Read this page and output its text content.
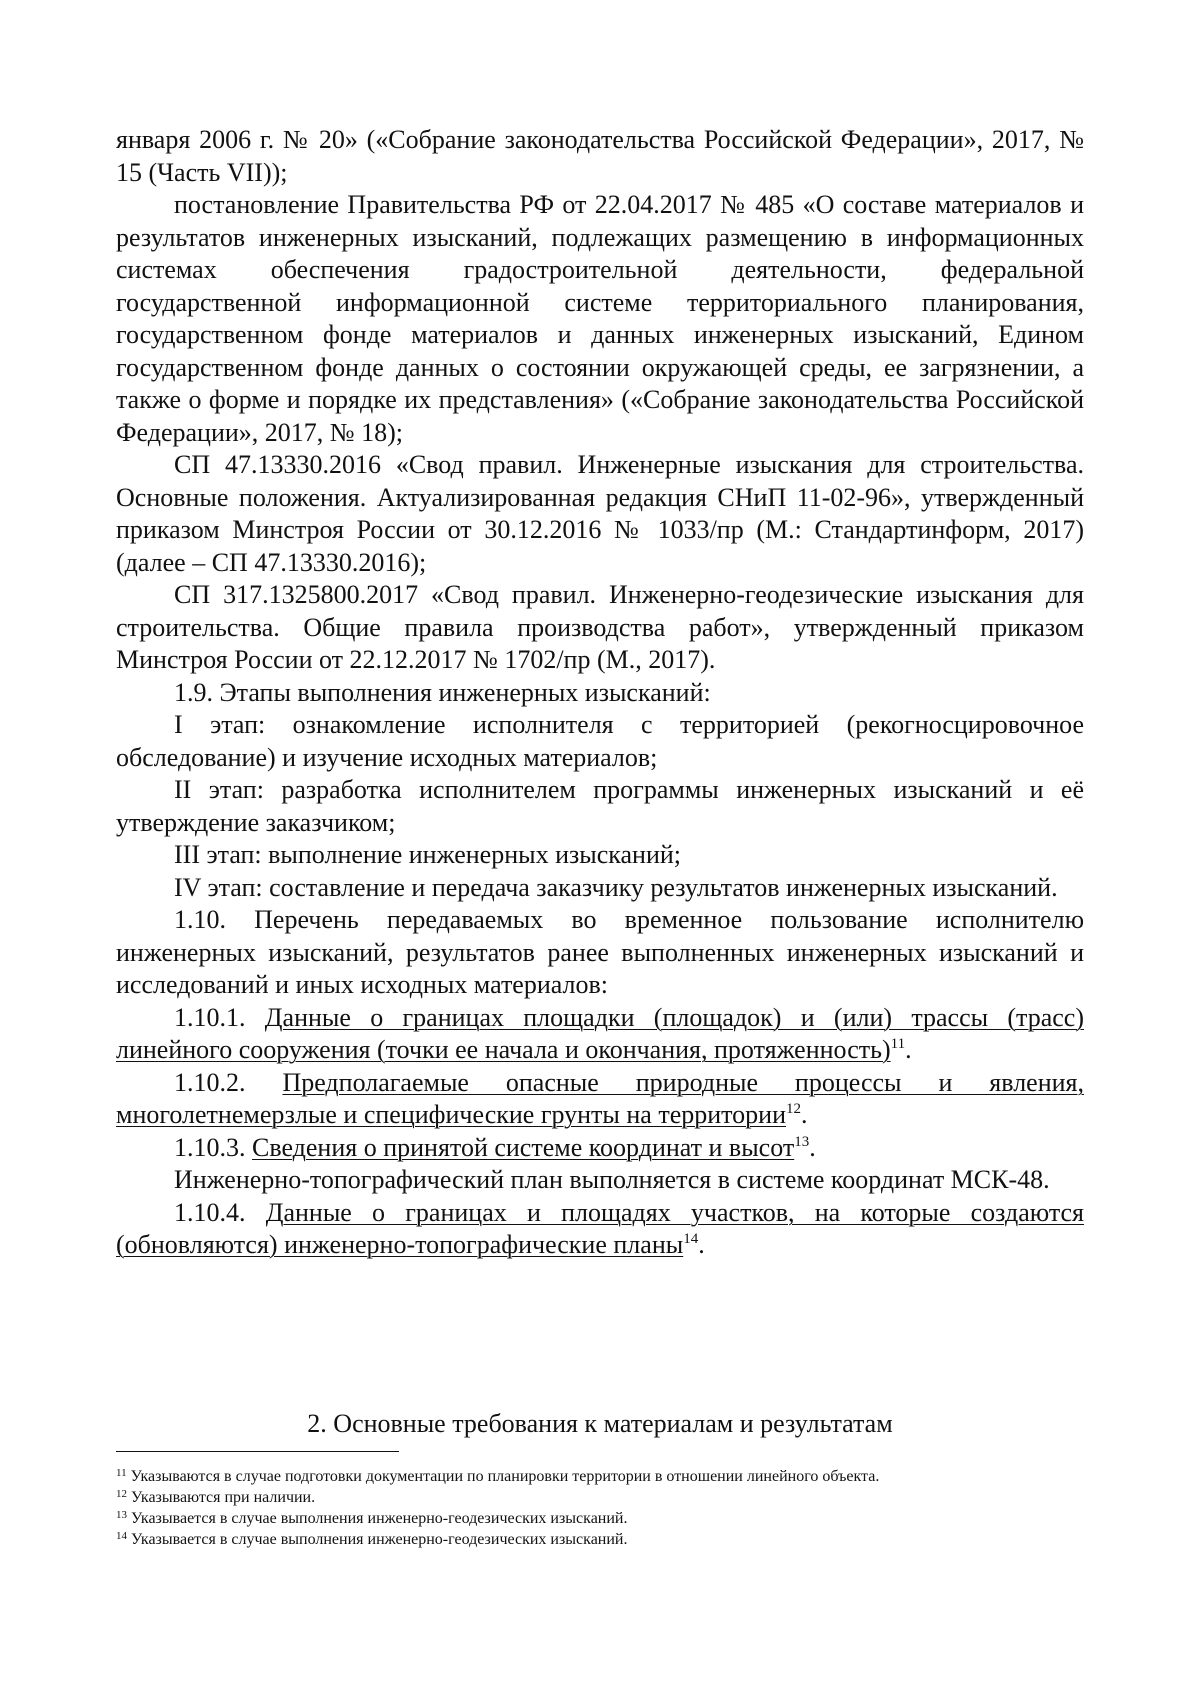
января 2006 г. № 20» («Собрание законодательства Российской Федерации», 2017, № 15 (Часть VII));

постановление Правительства РФ от 22.04.2017 № 485 «О составе материалов и результатов инженерных изысканий, подлежащих размещению в информационных системах обеспечения градостроительной деятельности, федеральной государственной информационной системе территориального планирования, государственном фонде материалов и данных инженерных изысканий, Едином государственном фонде данных о состоянии окружающей среды, ее загрязнении, а также о форме и порядке их представления» («Собрание законодательства Российской Федерации», 2017, № 18);

СП 47.13330.2016 «Свод правил. Инженерные изыскания для строительства. Основные положения. Актуализированная редакция СНиП 11-02-96», утвержденный приказом Минстроя России от 30.12.2016 № 1033/пр (М.: Стандартинформ, 2017) (далее – СП 47.13330.2016);

СП 317.1325800.2017 «Свод правил. Инженерно-геодезические изыскания для строительства. Общие правила производства работ», утвержденный приказом Минстроя России от 22.12.2017 № 1702/пр (М., 2017).

1.9. Этапы выполнения инженерных изысканий:

I этап: ознакомление исполнителя с территорией (рекогносцировочное обследование) и изучение исходных материалов;

II этап: разработка исполнителем программы инженерных изысканий и её утверждение заказчиком;

III этап: выполнение инженерных изысканий;

IV этап: составление и передача заказчику результатов инженерных изысканий.

1.10. Перечень передаваемых во временное пользование исполнителю инженерных изысканий, результатов ранее выполненных инженерных изысканий и исследований и иных исходных материалов:

1.10.1. Данные о границах площадки (площадок) и (или) трассы (трасс) линейного сооружения (точки ее начала и окончания, протяженность)$^{11}$.

1.10.2. Предполагаемые опасные природные процессы и явления, многолетнемерзлые и специфические грунты на территории$^{12}$.

1.10.3. Сведения о принятой системе координат и высот$^{13}$.

Инженерно-топографический план выполняется в системе координат МСК-48.

1.10.4. Данные о границах и площадях участков, на которые создаются (обновляются) инженерно-топографические планы$^{14}$.

2. Основные требования к материалам и результатам

$^{11}$ Указываются в случае подготовки документации по планировки территории в отношении линейного объекта.

$^{12}$ Указываются при наличии.

$^{13}$ Указывается в случае выполнения инженерно-геодезических изысканий.

$^{14}$ Указывается в случае выполнения инженерно-геодезических изысканий.
